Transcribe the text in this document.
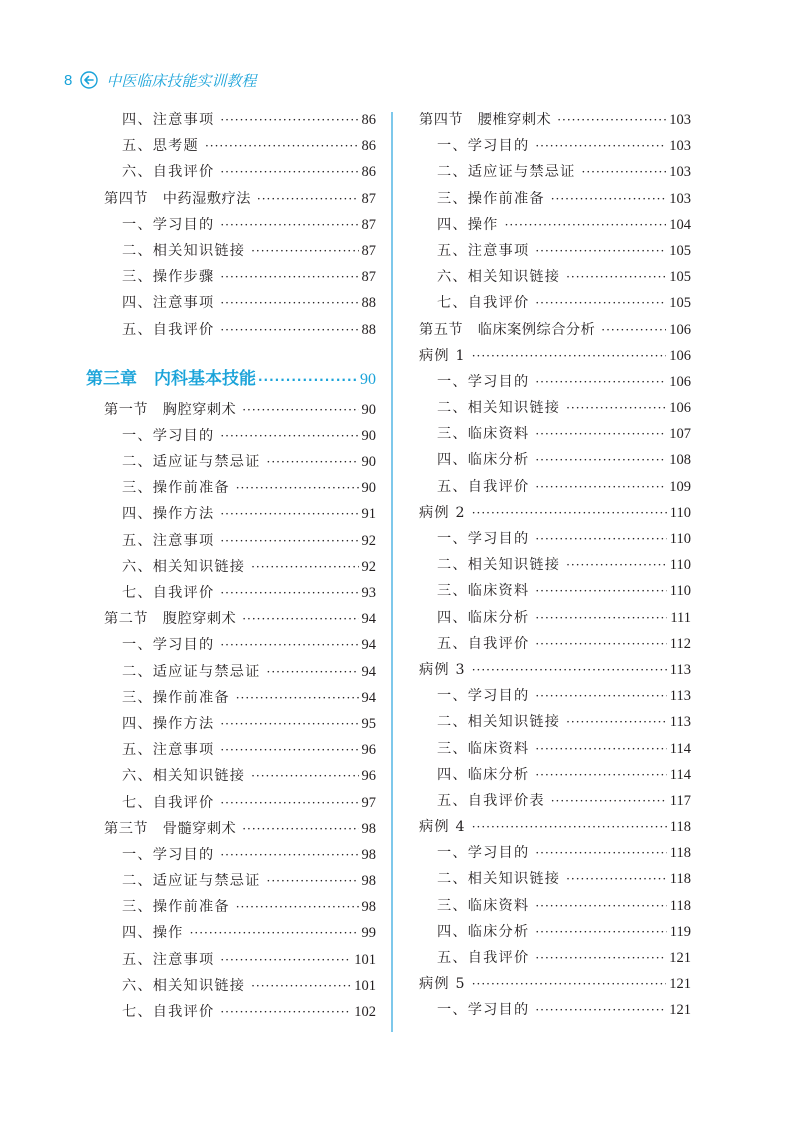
8 中医临床技能实训教程
四、注意事项 ·····	86
五、思考题 ·····	86
六、自我评价 ·····	86
第四节　中药湿敷疗法 ·····	87
一、学习目的 ·····	87
二、相关知识链接 ·····	87
三、操作步骤 ·····	87
四、注意事项 ·····	88
五、自我评价 ·····	88
第三章　内科基本技能 ·····	90
第一节　胸腔穿刺术 ·····	90
一、学习目的 ·····	90
二、适应证与禁忌证 ·····	90
三、操作前准备 ·····	90
四、操作方法 ·····	91
五、注意事项 ·····	92
六、相关知识链接 ·····	92
七、自我评价 ·····	93
第二节　腹腔穿刺术 ·····	94
一、学习目的 ·····	94
二、适应证与禁忌证 ·····	94
三、操作前准备 ·····	94
四、操作方法 ·····	95
五、注意事项 ·····	96
六、相关知识链接 ·····	96
七、自我评价 ·····	97
第三节　骨髓穿刺术 ·····	98
一、学习目的 ·····	98
二、适应证与禁忌证 ·····	98
三、操作前准备 ·····	98
四、操作 ·····	99
五、注意事项 ·····	101
六、相关知识链接 ·····	101
七、自我评价 ·····	102
第四节　腰椎穿刺术 ·····	103
一、学习目的 ·····	103
二、适应证与禁忌证 ·····	103
三、操作前准备 ·····	103
四、操作 ·····	104
五、注意事项 ·····	105
六、相关知识链接 ·····	105
七、自我评价 ·····	105
第五节　临床案例综合分析 ·····	106
病例 1 ·····	106
一、学习目的 ·····	106
二、相关知识链接 ·····	106
三、临床资料 ·····	107
四、临床分析 ·····	108
五、自我评价 ·····	109
病例 2 ·····	110
一、学习目的 ·····	110
二、相关知识链接 ·····	110
三、临床资料 ·····	110
四、临床分析 ·····	111
五、自我评价 ·····	112
病例 3 ·····	113
一、学习目的 ·····	113
二、相关知识链接 ·····	113
三、临床资料 ·····	114
四、临床分析 ·····	114
五、自我评价表 ·····	117
病例 4 ·····	118
一、学习目的 ·····	118
二、相关知识链接 ·····	118
三、临床资料 ·····	118
四、临床分析 ·····	119
五、自我评价 ·····	121
病例 5 ·····	121
一、学习目的 ·····	121
